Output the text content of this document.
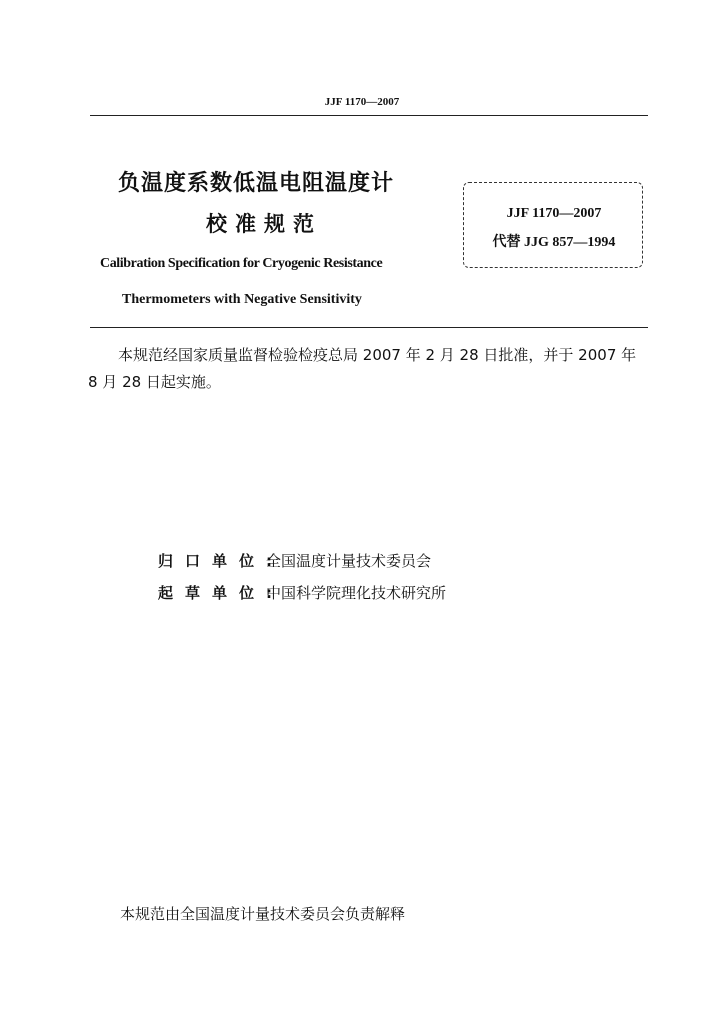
JJF 1170—2007
负温度系数低温电阻温度计
校准规范
Calibration Specification for Cryogenic Resistance
Thermometers with Negative Sensitivity
JJF 1170—2007
代替 JJG 857—1994
本规范经国家质量监督检验检疫总局 2007 年 2 月 28 日批准，并于 2007 年 8 月 28 日起实施。
归口单位:全国温度计量技术委员会
起草单位:中国科学院理化技术研究所
本规范由全国温度计量技术委员会负责解释
